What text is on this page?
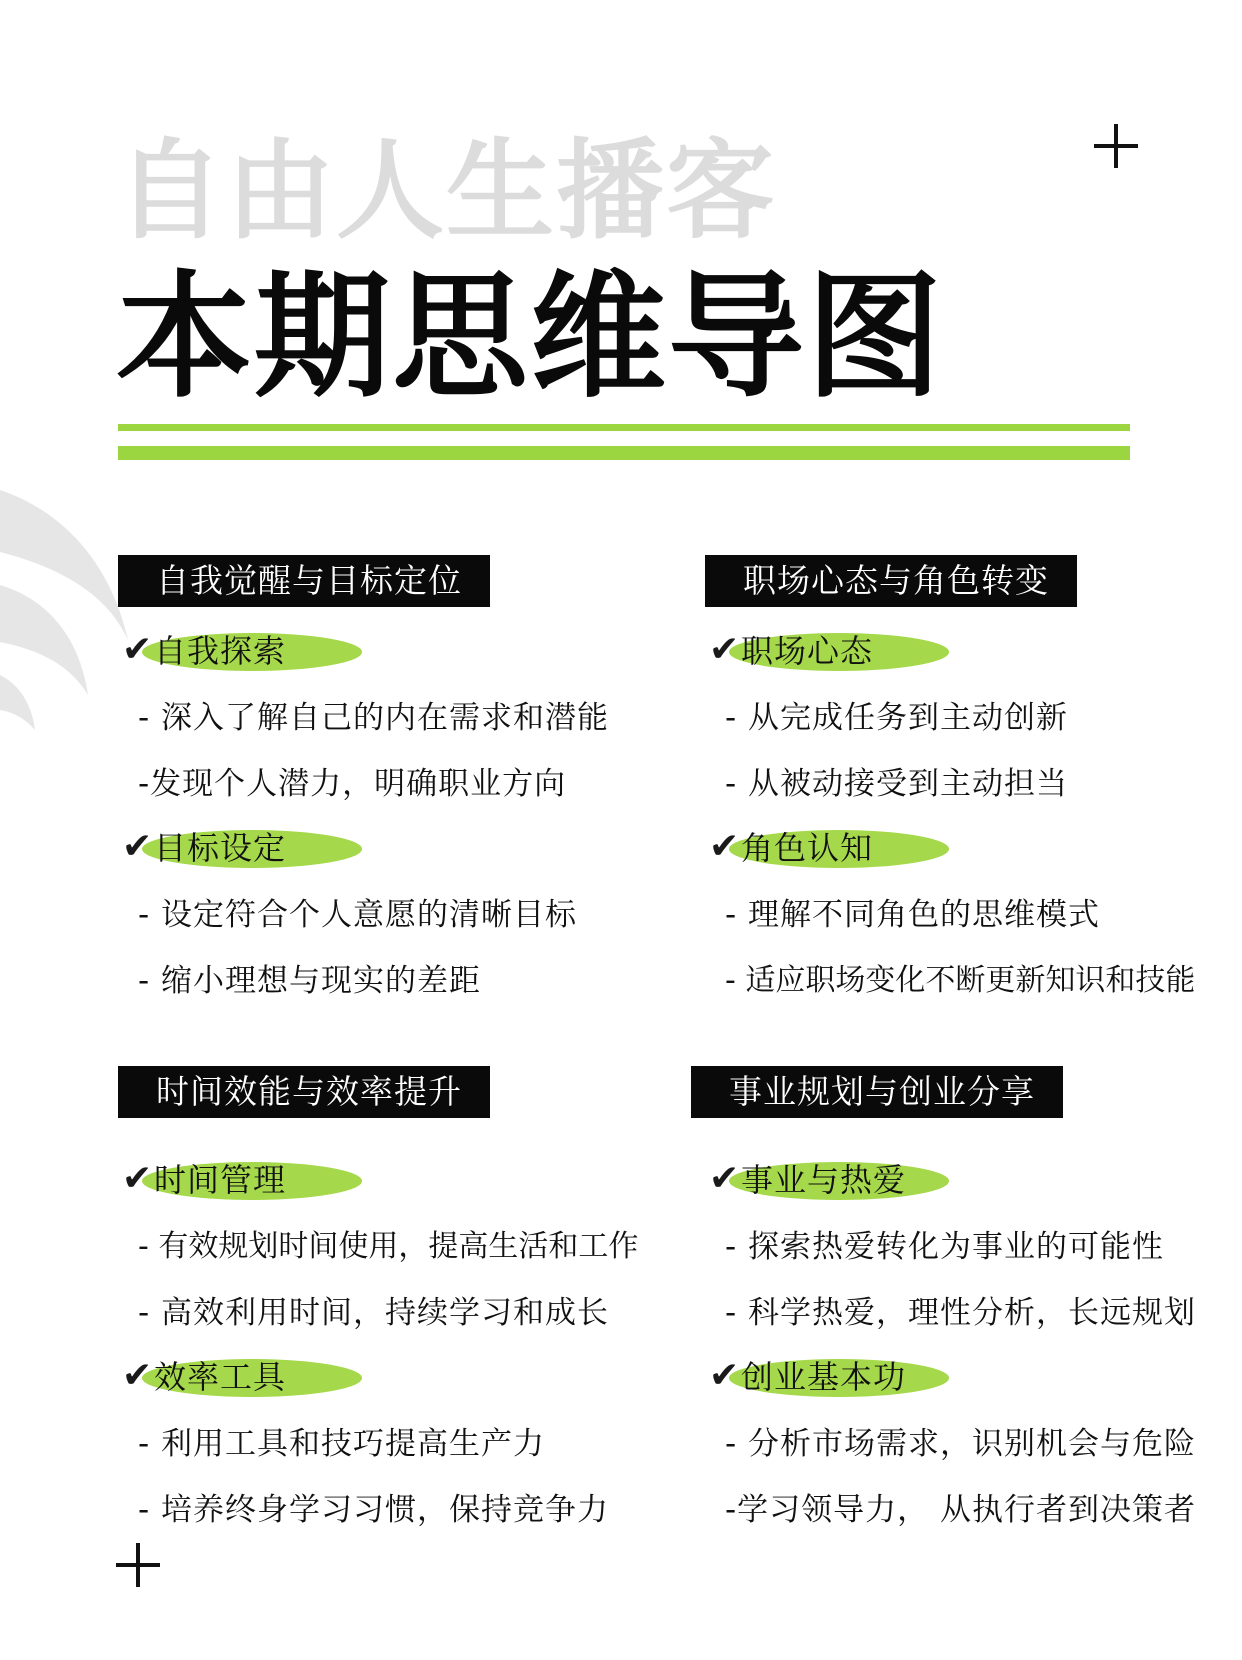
自由人生播客
本期思维导图
自我觉醒与目标定位
✔ 自我探索
- 深入了解自己的内在需求和潜能
-发现个人潜力，明确职业方向
✔ 目标设定
- 设定符合个人意愿的清晰目标
- 缩小理想与现实的差距
职场心态与角色转变
✔ 职场心态
- 从完成任务到主动创新
- 从被动接受到主动担当
✔ 角色认知
- 理解不同角色的思维模式
- 适应职场变化不断更新知识和技能
时间效能与效率提升
✔ 时间管理
- 有效规划时间使用，提高生活和工作
- 高效利用时间，持续学习和成长
✔ 效率工具
- 利用工具和技巧提高生产力
- 培养终身学习习惯，保持竞争力
事业规划与创业分享
✔ 事业与热爱
- 探索热爱转化为事业的可能性
- 科学热爱，理性分析，长远规划
✔ 创业基本功
- 分析市场需求，识别机会与危险
-学习领导力， 从执行者到决策者
